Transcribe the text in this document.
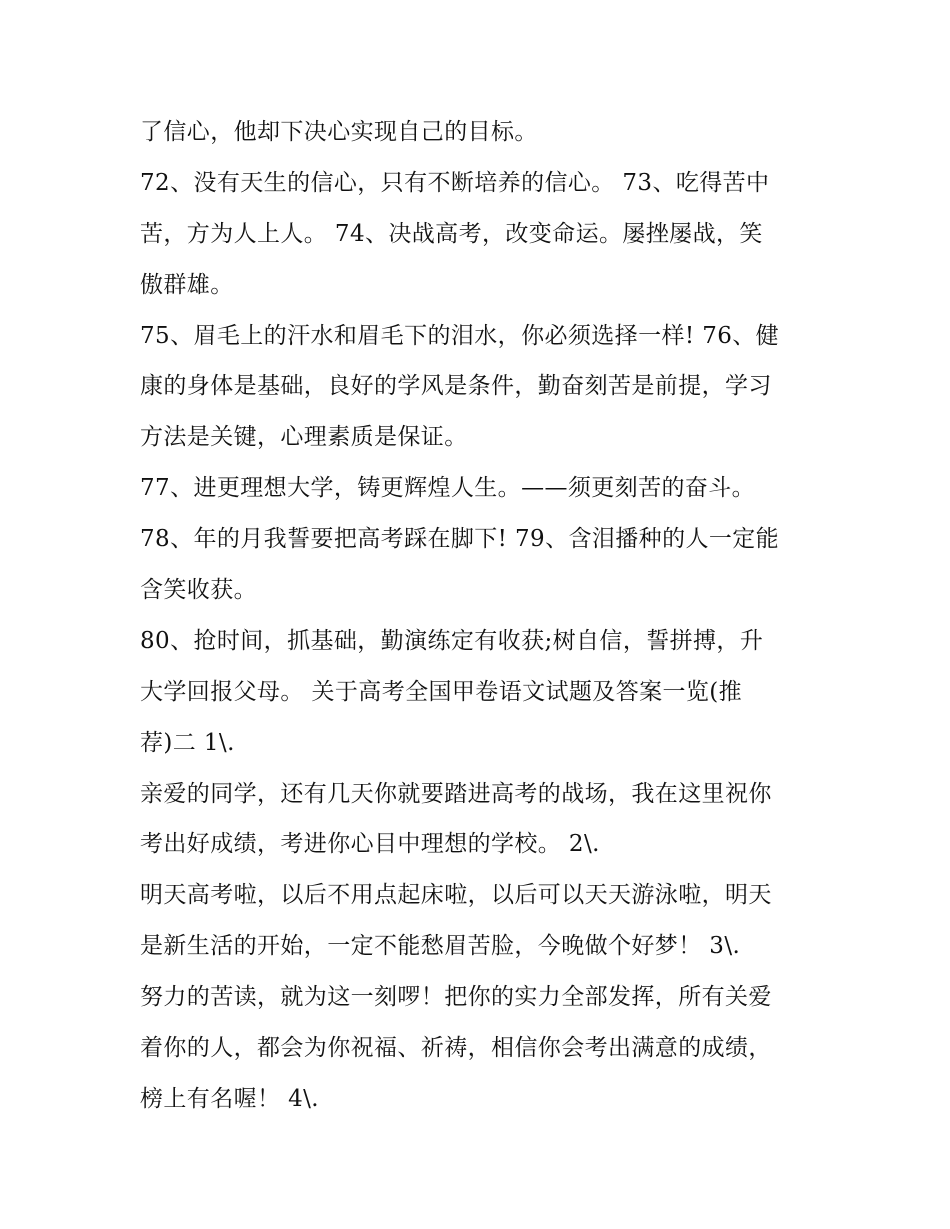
了信心，他却下决心实现自己的目标。
72、没有天生的信心，只有不断培养的信心。 73、吃得苦中
苦，方为人上人。 74、决战高考，改变命运。屡挫屡战，笑
傲群雄。
75、眉毛上的汗水和眉毛下的泪水，你必须选择一样! 76、健
康的身体是基础，良好的学风是条件，勤奋刻苦是前提，学习
方法是关键，心理素质是保证。
77、进更理想大学，铸更辉煌人生。——须更刻苦的奋斗。
78、年的月我誓要把高考踩在脚下! 79、含泪播种的人一定能
含笑收获。
80、抢时间，抓基础，勤演练定有收获;树自信，誓拼搏，升
大学回报父母。 关于高考全国甲卷语文试题及答案一览(推
荐)二 1\.
亲爱的同学，还有几天你就要踏进高考的战场，我在这里祝你
考出好成绩，考进你心目中理想的学校。 2\.
明天高考啦，以后不用点起床啦，以后可以天天游泳啦，明天
是新生活的开始，一定不能愁眉苦脸，今晚做个好梦！ 3\.
努力的苦读，就为这一刻啰！把你的实力全部发挥，所有关爱
着你的人，都会为你祝福、祈祷，相信你会考出满意的成绩，
榜上有名喔！ 4\.
